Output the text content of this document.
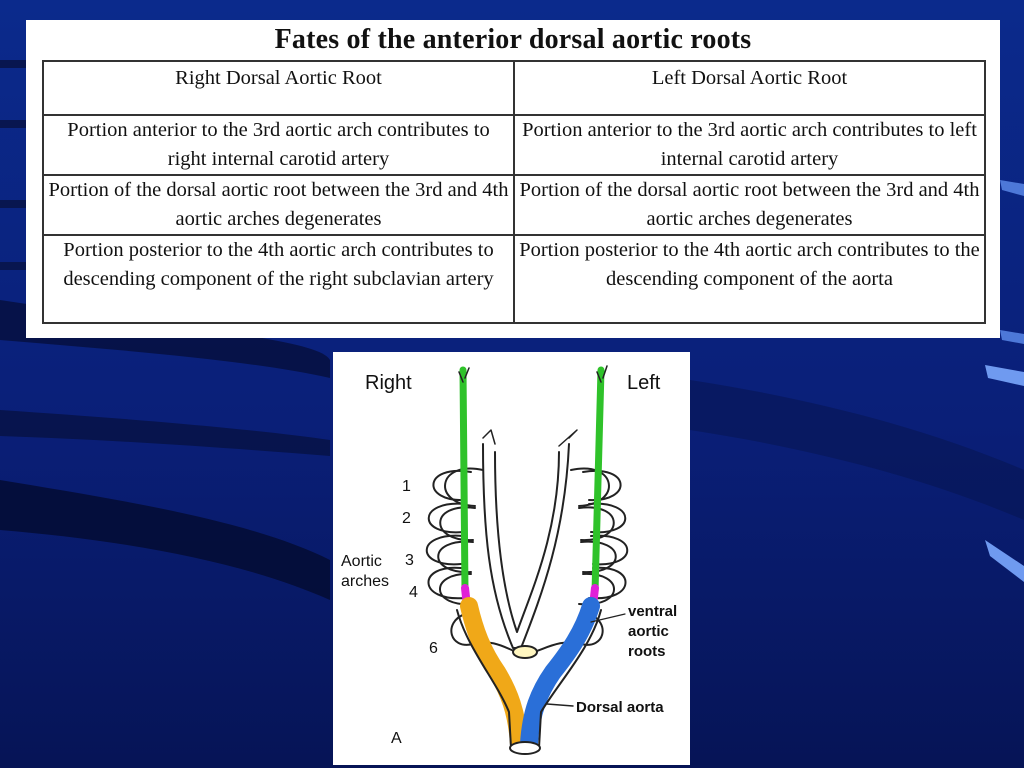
Fates of the anterior dorsal aortic roots
Right Dorsal Aortic Root	Left Dorsal Aortic Root
Portion anterior to the 3rd aortic arch contributes to right internal carotid artery	Portion anterior to the 3rd aortic arch contributes to left internal carotid artery
Portion of the dorsal aortic root between the 3rd and 4th aortic arches degenerates	Portion of the dorsal aortic root between the 3rd and 4th aortic arches degenerates
Portion posterior to the 4th aortic arch contributes to descending component of the right subclavian artery	Portion posterior to the 4th aortic arch contributes to the descending component of the aorta
Right	Left
1
2
3
4
6
Aortic arches
ventral aortic roots
Dorsal aorta
A
